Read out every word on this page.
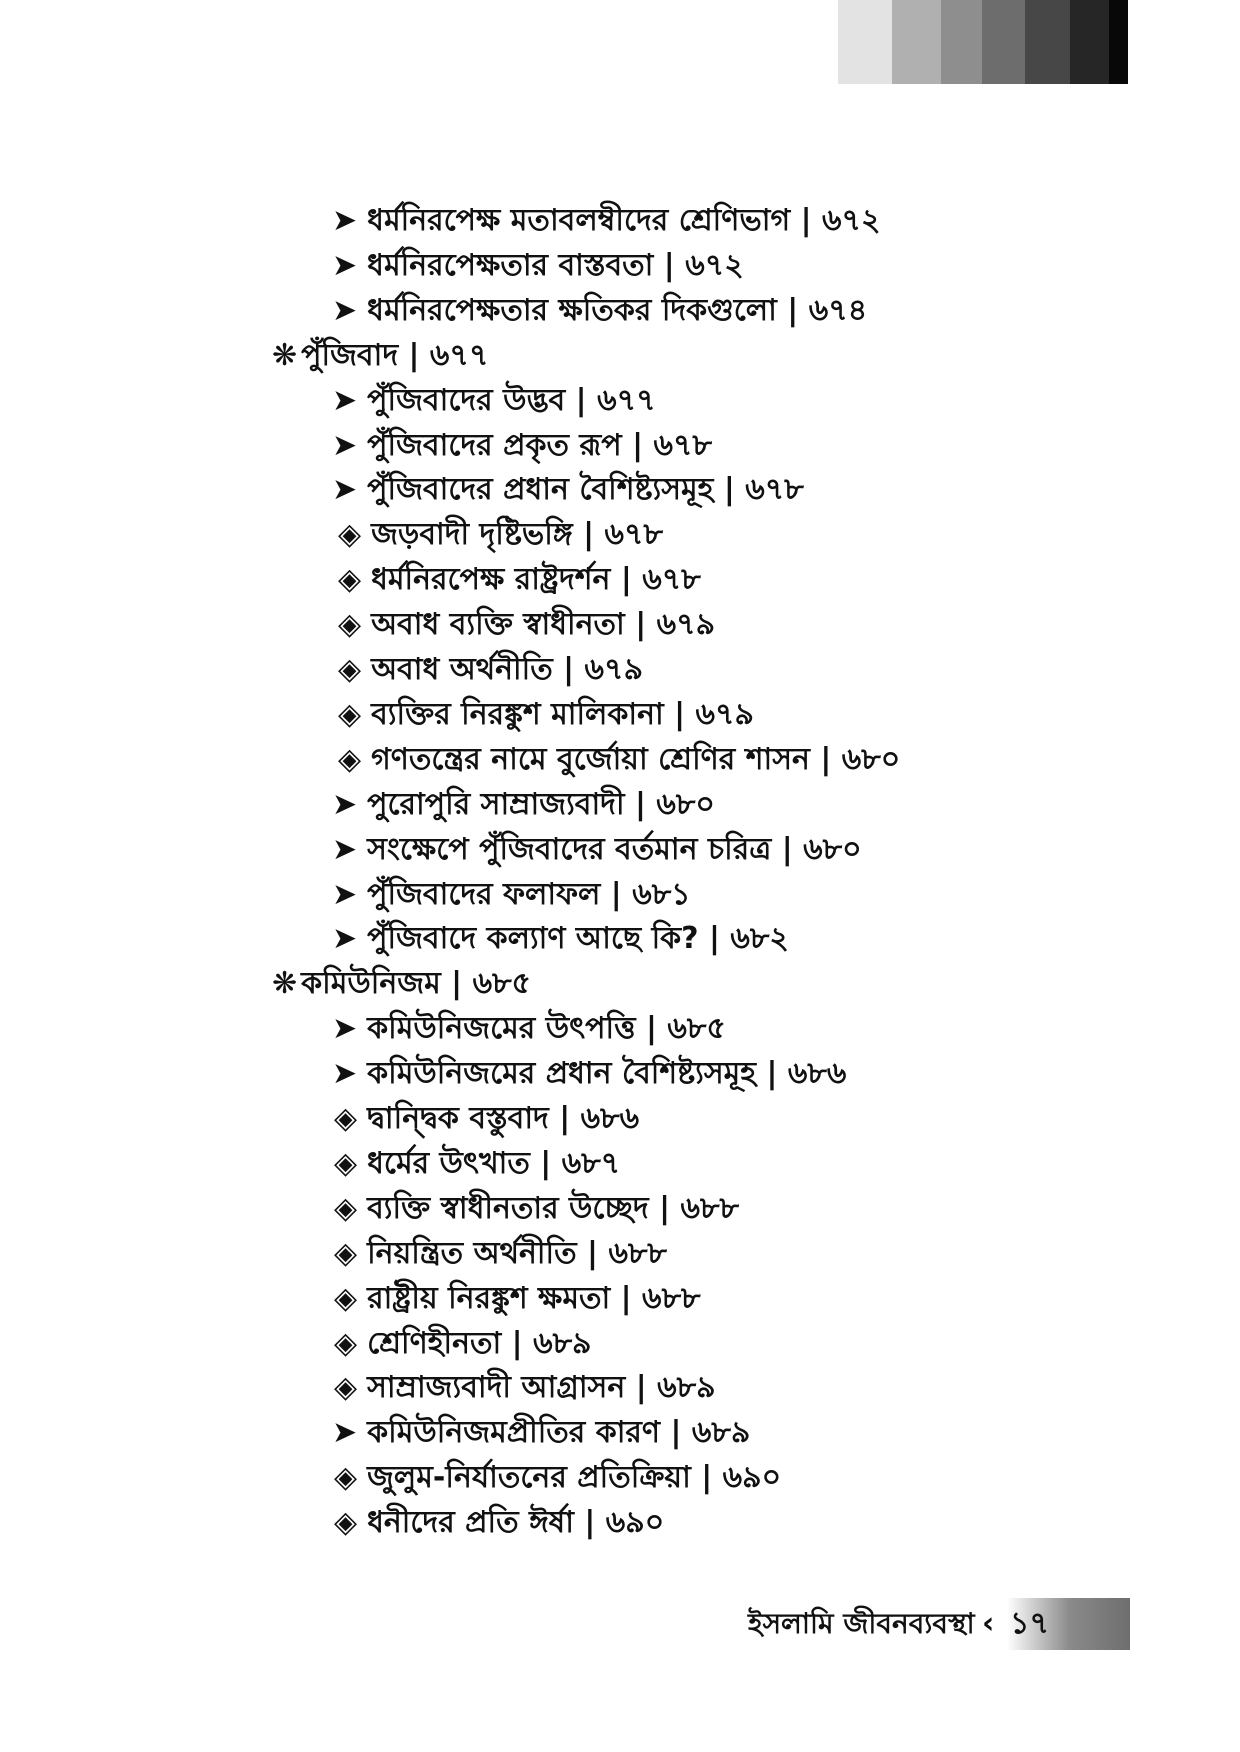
➤ ধর্মনিরপেক্ষ মতাবলম্বীদের শ্রেণিভাগ | ৬৭২
➤ ধর্মনিরপেক্ষতার বাস্তবতা | ৬৭২
➤ ধর্মনিরপেক্ষতার ক্ষতিকর দিকগুলো | ৬৭৪
❋ পুঁজিবাদ | ৬৭৭
➤ পুঁজিবাদের উদ্ভব | ৬৭৭
➤ পুঁজিবাদের প্রকৃত রূপ | ৬৭৮
➤ পুঁজিবাদের প্রধান বৈশিষ্ট্যসমূহ | ৬৭৮
◈ জড়বাদী দৃষ্টিভঙ্গি | ৬৭৮
◈ ধর্মনিরপেক্ষ রাষ্ট্রদর্শন | ৬৭৮
◈ অবাধ ব্যক্তি স্বাধীনতা | ৬৭৯
◈ অবাধ অর্থনীতি | ৬৭৯
◈ ব্যক্তির নিরঙ্কুশ মালিকানা | ৬৭৯
◈ গণতন্ত্রের নামে বুর্জোয়া শ্রেণির শাসন | ৬৮০
➤ পুরোপুরি সাম্রাজ্যবাদী | ৬৮০
➤ সংক্ষেপে পুঁজিবাদের বর্তমান চরিত্র | ৬৮০
➤ পুঁজিবাদের ফলাফল | ৬৮১
➤ পুঁজিবাদে কল্যাণ আছে কি? | ৬৮২
❋ কমিউনিজম | ৬৮৫
➤ কমিউনিজমের উৎপত্তি | ৬৮৫
➤ কমিউনিজমের প্রধান বৈশিষ্ট্যসমূহ | ৬৮৬
◈ দ্বান্দ্বিক বস্তুবাদ | ৬৮৬
◈ ধর্মের উৎখাত | ৬৮৭
◈ ব্যক্তি স্বাধীনতার উচ্ছেদ | ৬৮৮
◈ নিয়ন্ত্রিত অর্থনীতি | ৬৮৮
◈ রাষ্ট্রীয় নিরঙ্কুশ ক্ষমতা | ৬৮৮
◈ শ্রেণিহীনতা | ৬৮৯
◈ সাম্রাজ্যবাদী আগ্রাসন | ৬৮৯
➤ কমিউনিজমপ্রীতির কারণ | ৬৮৯
◈ জুলুম-নির্যাতনের প্রতিক্রিয়া | ৬৯০
◈ ধনীদের প্রতি ঈর্ষা | ৬৯০
ইসলামি জীবনব্যবস্থা ‹ ১৭
